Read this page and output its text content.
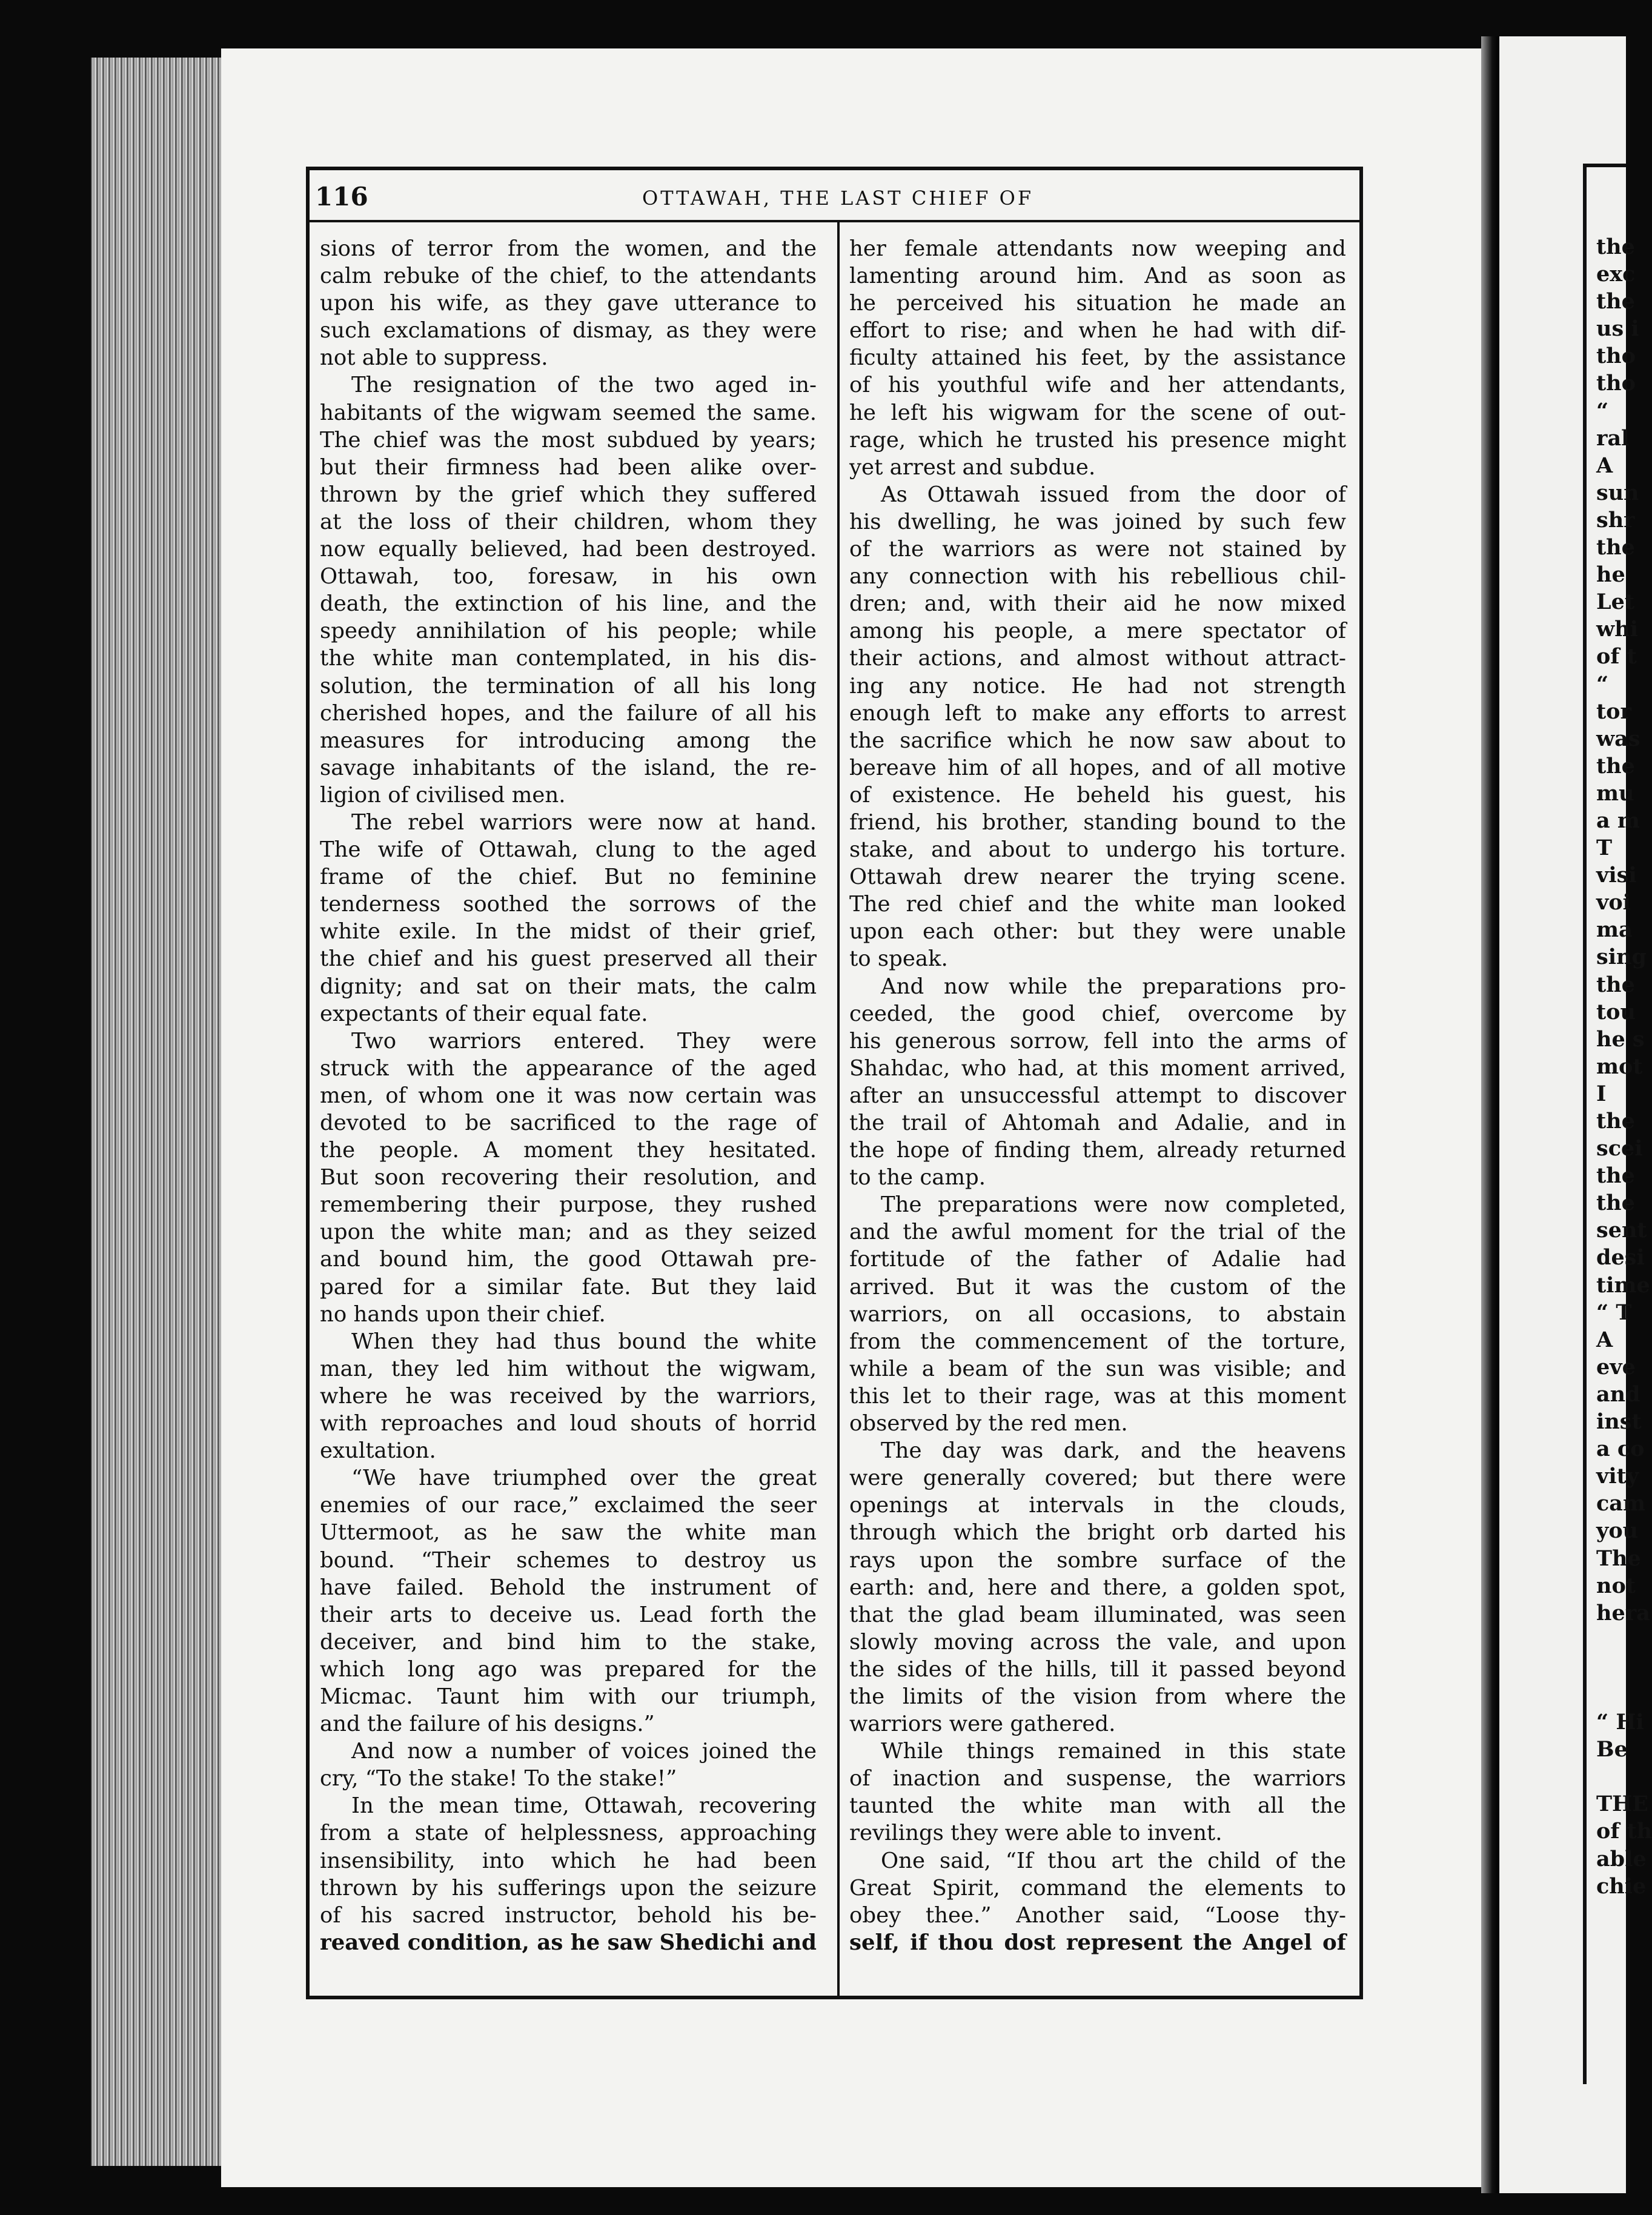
116	OTTAWAH, THE LAST CHIEF OF
sions of terror from the women, and the
calm rebuke of the chief, to the attendants
upon his wife, as they gave utterance to
such exclamations of dismay, as they were
not able to suppress.
The resignation of the two aged in-
habitants of the wigwam seemed the same.
The chief was the most subdued by years;
but their firmness had been alike over-
thrown by the grief which they suffered
at the loss of their children, whom they
now equally believed, had been destroyed.
Ottawah, too, foresaw, in his own
death, the extinction of his line, and the
speedy annihilation of his people; while
the white man contemplated, in his dis-
solution, the termination of all his long
cherished hopes, and the failure of all his
measures for introducing among the
savage inhabitants of the island, the re-
ligion of civilised men.
The rebel warriors were now at hand.
The wife of Ottawah, clung to the aged
frame of the chief. But no feminine
tenderness soothed the sorrows of the
white exile. In the midst of their grief,
the chief and his guest preserved all their
dignity; and sat on their mats, the calm
expectants of their equal fate.
Two warriors entered. They were
struck with the appearance of the aged
men, of whom one it was now certain was
devoted to be sacrificed to the rage of
the people. A moment they hesitated.
But soon recovering their resolution, and
remembering their purpose, they rushed
upon the white man; and as they seized
and bound him, the good Ottawah pre-
pared for a similar fate. But they laid
no hands upon their chief.
When they had thus bound the white
man, they led him without the wigwam,
where he was received by the warriors,
with reproaches and loud shouts of horrid
exultation.
“We have triumphed over the great
enemies of our race,” exclaimed the seer
Uttermoot, as he saw the white man
bound. “Their schemes to destroy us
have failed. Behold the instrument of
their arts to deceive us. Lead forth the
deceiver, and bind him to the stake,
which long ago was prepared for the
Micmac. Taunt him with our triumph,
and the failure of his designs.”
And now a number of voices joined the
cry, “To the stake! To the stake!”
In the mean time, Ottawah, recovering
from a state of helplessness, approaching
insensibility, into which he had been
thrown by his sufferings upon the seizure
of his sacred instructor, behold his be-
reaved condition, as he saw Shedichi and
her female attendants now weeping and
lamenting around him. And as soon as
he perceived his situation he made an
effort to rise; and when he had with dif-
ficulty attained his feet, by the assistance
of his youthful wife and her attendants,
he left his wigwam for the scene of out-
rage, which he trusted his presence might
yet arrest and subdue.
As Ottawah issued from the door of
his dwelling, he was joined by such few
of the warriors as were not stained by
any connection with his rebellious chil-
dren; and, with their aid he now mixed
among his people, a mere spectator of
their actions, and almost without attract-
ing any notice. He had not strength
enough left to make any efforts to arrest
the sacrifice which he now saw about to
bereave him of all hopes, and of all motive
of existence. He beheld his guest, his
friend, his brother, standing bound to the
stake, and about to undergo his torture.
Ottawah drew nearer the trying scene.
The red chief and the white man looked
upon each other: but they were unable
to speak.
And now while the preparations pro-
ceeded, the good chief, overcome by
his generous sorrow, fell into the arms of
Shahdac, who had, at this moment arrived,
after an unsuccessful attempt to discover
the trail of Ahtomah and Adalie, and in
the hope of finding them, already returned
to the camp.
The preparations were now completed,
and the awful moment for the trial of the
fortitude of the father of Adalie had
arrived. But it was the custom of the
warriors, on all occasions, to abstain
from the commencement of the torture,
while a beam of the sun was visible; and
this let to their rage, was at this moment
observed by the red men.
The day was dark, and the heavens
were generally covered; but there were
openings at intervals in the clouds,
through which the bright orb darted his
rays upon the sombre surface of the
earth: and, here and there, a golden spot,
that the glad beam illuminated, was seen
slowly moving across the vale, and upon
the sides of the hills, till it passed beyond
the limits of the vision from where the
warriors were gathered.
While things remained in this state
of inaction and suspense, the warriors
taunted the white man with all the
revilings they were able to invent.
One said, “If thou art the child of the
Great Spirit, command the elements to
obey thee.” Another said, “Loose thy-
self, if thou dost represent the Angel of
the
exc
the
us i
tho
tho
“
ral
A
sun
shr
the
he
Let
whi
of t
“
tor
was
the
mu
a m
T
visi
voi
ma
sing
the
tou
he s
mot
I
the
scei
the
the
sent
desi
time
“ T
A
eve
and
inst
a co
vity
cam
you
The
not
hera

“ Hi
Be

THE
of th
able
chie
